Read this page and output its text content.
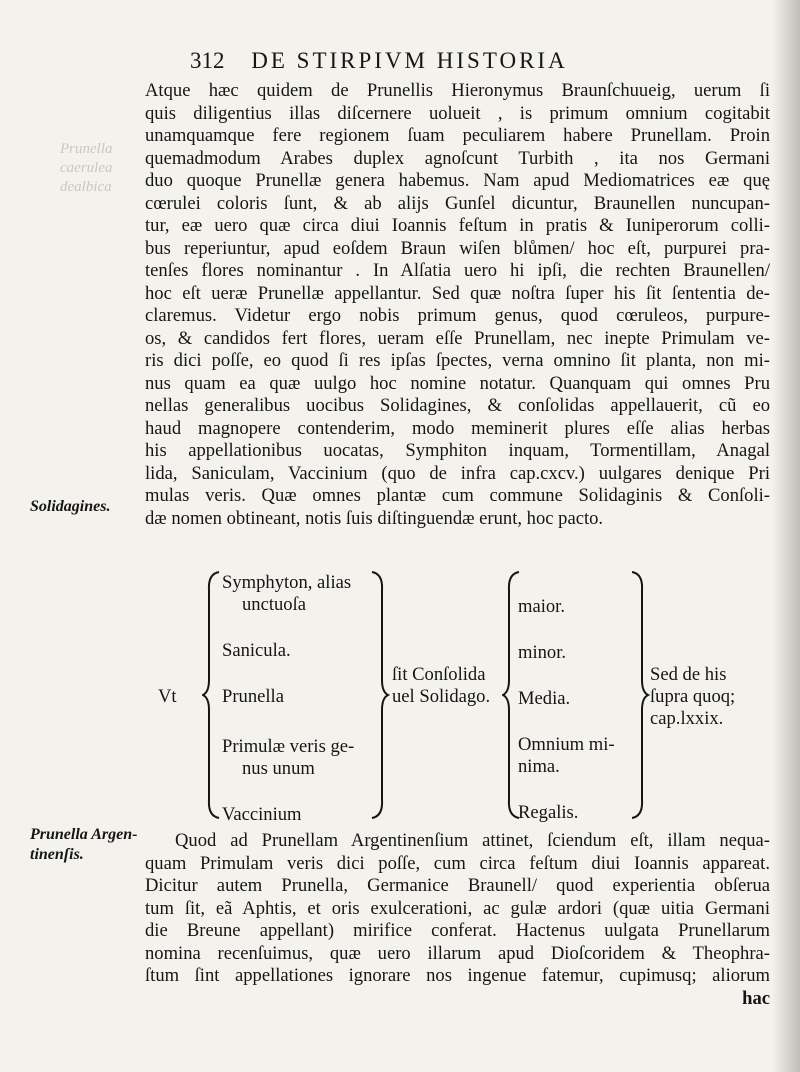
312 DE STIRPIVM HISTORIA
Prunella caerulea
dealbica
Atque hæc quidem de Prunellis Hieronymus Braunſchuueig, uerum ſi
quis diligentius illas diſcernere uolueit , is primum omnium cogitabit
unamquamque fere regionem ſuam peculiarem habere Prunellam. Proin
quemadmodum Arabes duplex agnoſcunt Turbith , ita nos Germani
duo quoque Prunellæ genera habemus. Nam apud Mediomatrices eæ quę
cœrulei coloris ſunt, & ab alijs Gunſel dicuntur, Braunellen nuncupan-
tur, eæ uero quæ circa diui Ioannis feſtum in pratis & Iuniperorum colli-
bus reperiuntur, apud eoſdem Braun wiſen blůmen/ hoc eſt, purpurei pra-
tenſes flores nominantur . In Alſatia uero hi ipſi, die rechten Braunellen/
hoc eſt ueræ Prunellæ appellantur. Sed quæ noſtra ſuper his ſit ſententia de-
claremus. Videtur ergo nobis primum genus, quod cœruleos, purpure-
os, & candidos fert flores, ueram eſſe Prunellam, nec inepte Primulam ve-
ris dici poſſe, eo quod ſi res ipſas ſpectes, verna omnino ſit planta, non mi-
nus quam ea quæ uulgo hoc nomine notatur. Quanquam qui omnes Pru
nellas generalibus uocibus Solidagines, & conſolidas appellauerit, cũ eo
haud magnopere contenderim, modo meminerit plures eſſe alias herbas
his appellationibus uocatas, Symphiton inquam, Tormentillam, Anagal
lida, Saniculam, Vaccinium (quo de infra cap.cxcv.) uulgares denique Pri
mulas veris. Quæ omnes plantæ cum commune Solidaginis & Conſoli-
dæ nomen obtineant, notis ſuis diſtinguendæ erunt, hoc pacto.
Solidagines.
Vt
Symphyton, alias
unctuoſa
Sanicula.
Prunella
Primulæ veris ge-
nus unum
Vaccinium
ſit Conſolida
uel Solidago.
maior.
minor.
Media.
Omnium mi-
nima.
Regalis.
Sed de his
ſupra quoq;
cap.lxxix.
Prunella Argen-
tinenſis.
Quod ad Prunellam Argentinenſium attinet, ſciendum eſt, illam nequa-
quam Primulam veris dici poſſe, cum circa feſtum diui Ioannis appareat.
Dicitur autem Prunella, Germanice Braunell/ quod experientia obſerua
tum ſit, eã Aphtis, et oris exulcerationi, ac gulæ ardori (quæ uitia Germani
die Breune appellant) mirifice conferat. Hactenus uulgata Prunellarum
nomina recenſuimus, quæ uero illarum apud Dioſcoridem & Theophra-
ſtum ſint appellationes ignorare nos ingenue fatemur, cupimusq; aliorum
hac
